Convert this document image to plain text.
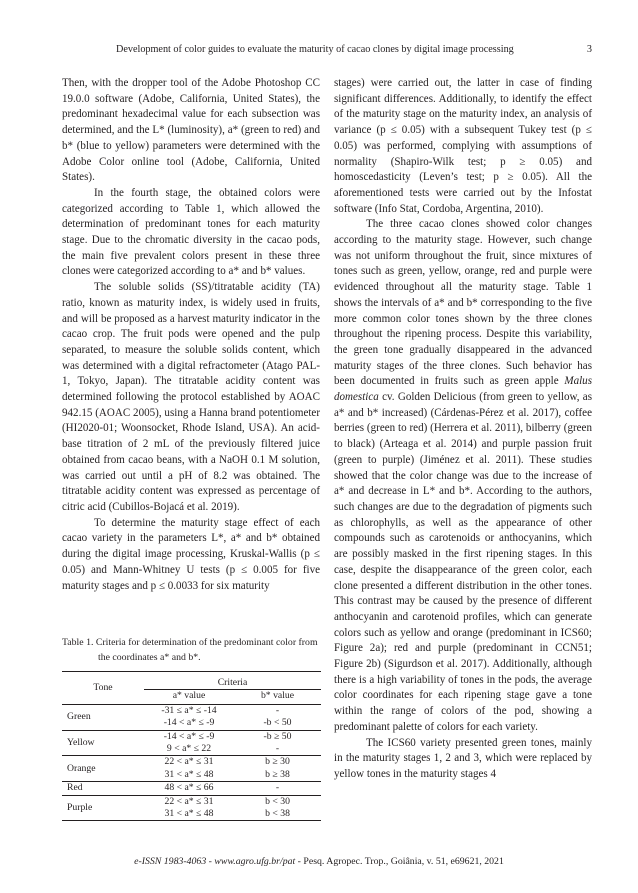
Development of color guides to evaluate the maturity of cacao clones by digital image processing	3

Then, with the dropper tool of the Adobe Photoshop CC 19.0.0 software (Adobe, California, United States), the predominant hexadecimal value for each subsection was determined, and the L* (luminosity), a* (green to red) and b* (blue to yellow) parameters were determined with the Adobe Color online tool (Adobe, California, United States).

In the fourth stage, the obtained colors were categorized according to Table 1, which allowed the determination of predominant tones for each maturity stage. Due to the chromatic diversity in the cacao pods, the main five prevalent colors present in these three clones were categorized according to a* and b* values.

The soluble solids (SS)/titratable acidity (TA) ratio, known as maturity index, is widely used in fruits, and will be proposed as a harvest maturity indicator in the cacao crop. The fruit pods were opened and the pulp separated, to measure the soluble solids content, which was determined with a digital refractometer (Atago PAL-1, Tokyo, Japan). The titratable acidity content was determined following the protocol established by AOAC 942.15 (AOAC 2005), using a Hanna brand potentiometer (HI2020-01; Woonsocket, Rhode Island, USA). An acid-base titration of 2 mL of the previously filtered juice obtained from cacao beans, with a NaOH 0.1 M solution, was carried out until a pH of 8.2 was obtained. The titratable acidity content was expressed as percentage of citric acid (Cubillos-Bojacá et al. 2019).

To determine the maturity stage effect of each cacao variety in the parameters L*, a* and b* obtained during the digital image processing, Kruskal-Wallis (p ≤ 0.05) and Mann-Whitney U tests (p ≤ 0.005 for five maturity stages and p ≤ 0.0033 for six maturity

Table 1. Criteria for determination of the predominant color from
the coordinates a* and b*.
Tone	Criteria	
	a* value	b* value
Green	-31 ≤ a* ≤ -14	-
	-14 < a* ≤ -9	-b < 50
Yellow	-14 < a* ≤ -9	-b ≥ 50
	9 < a* ≤ 22	-
Orange	22 < a* ≤ 31	b ≥ 30
	31 < a* ≤ 48	b ≥ 38
Red	48 < a* ≤ 66	-
Purple	22 < a* ≤ 31	b < 30
	31 < a* ≤ 48	b < 38

stages) were carried out, the latter in case of finding significant differences. Additionally, to identify the effect of the maturity stage on the maturity index, an analysis of variance (p ≤ 0.05) with a subsequent Tukey test (p ≤ 0.05) was performed, complying with assumptions of normality (Shapiro-Wilk test; p ≥ 0.05) and homoscedasticity (Leven’s test; p ≥ 0.05). All the aforementioned tests were carried out by the Infostat software (Info Stat, Cordoba, Argentina, 2010).

The three cacao clones showed color changes according to the maturity stage. However, such change was not uniform throughout the fruit, since mixtures of tones such as green, yellow, orange, red and purple were evidenced throughout all the maturity stage. Table 1 shows the intervals of a* and b* corresponding to the five more common color tones shown by the three clones throughout the ripening process. Despite this variability, the green tone gradually disappeared in the advanced maturity stages of the three clones. Such behavior has been documented in fruits such as green apple Malus domestica cv. Golden Delicious (from green to yellow, as a* and b* increased) (Cárdenas-Pérez et al. 2017), coffee berries (green to red) (Herrera et al. 2011), bilberry (green to black) (Arteaga et al. 2014) and purple passion fruit (green to purple) (Jiménez et al. 2011). These studies showed that the color change was due to the increase of a* and decrease in L* and b*. According to the authors, such changes are due to the degradation of pigments such as chlorophylls, as well as the appearance of other compounds such as carotenoids or anthocyanins, which are possibly masked in the first ripening stages. In this case, despite the disappearance of the green color, each clone presented a different distribution in the other tones. This contrast may be caused by the presence of different anthocyanin and carotenoid profiles, which can generate colors such as yellow and orange (predominant in ICS60; Figure 2a); red and purple (predominant in CCN51; Figure 2b) (Sigurdson et al. 2017). Additionally, although there is a high variability of tones in the pods, the average color coordinates for each ripening stage gave a tone within the range of colors of the pod, showing a predominant palette of colors for each variety.

The ICS60 variety presented green tones, mainly in the maturity stages 1, 2 and 3, which were replaced by yellow tones in the maturity stages 4

e-ISSN 1983-4063 - www.agro.ufg.br/pat - Pesq. Agropec. Trop., Goiânia, v. 51, e69621, 2021
